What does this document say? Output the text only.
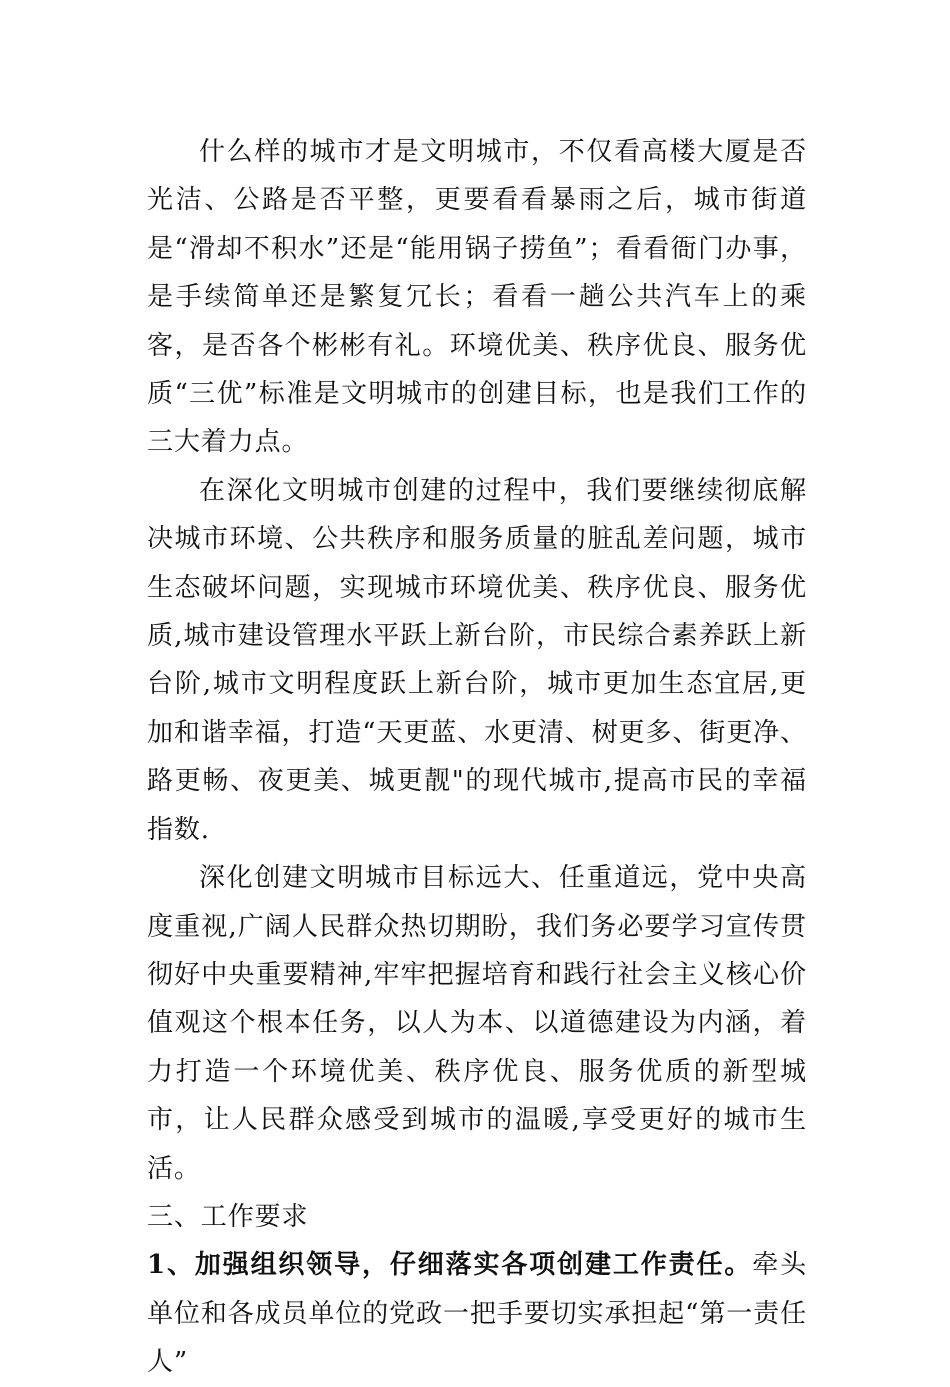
什么样的城市才是文明城市，不仅看高楼大厦是否光洁、公路是否平整，更要看看暴雨之后，城市街道是“滑却不积水”还是“能用锅子捞鱼”；看看衙门办事，是手续简单还是繁复冗长；看看一趟公共汽车上的乘客，是否各个彬彬有礼。环境优美、秩序优良、服务优质“三优”标准是文明城市的创建目标，也是我们工作的三大着力点。

在深化文明城市创建的过程中，我们要继续彻底解决城市环境、公共秩序和服务质量的脏乱差问题，城市生态破坏问题，实现城市环境优美、秩序优良、服务优质,城市建设管理水平跃上新台阶，市民综合素养跃上新台阶,城市文明程度跃上新台阶，城市更加生态宜居,更加和谐幸福，打造“天更蓝、水更清、树更多、街更净、路更畅、夜更美、城更靓"的现代城市,提高市民的幸福指数.

深化创建文明城市目标远大、任重道远，党中央高度重视,广阔人民群众热切期盼，我们务必要学习宣传贯彻好中央重要精神,牢牢把握培育和践行社会主义核心价值观这个根本任务，以人为本、以道德建设为内涵，着力打造一个环境优美、秩序优良、服务优质的新型城市，让人民群众感受到城市的温暖,享受更好的城市生活。

三、工作要求

1、加强组织领导，仔细落实各项创建工作责任。牵头单位和各成员单位的党政一把手要切实承担起“第一责任人”
